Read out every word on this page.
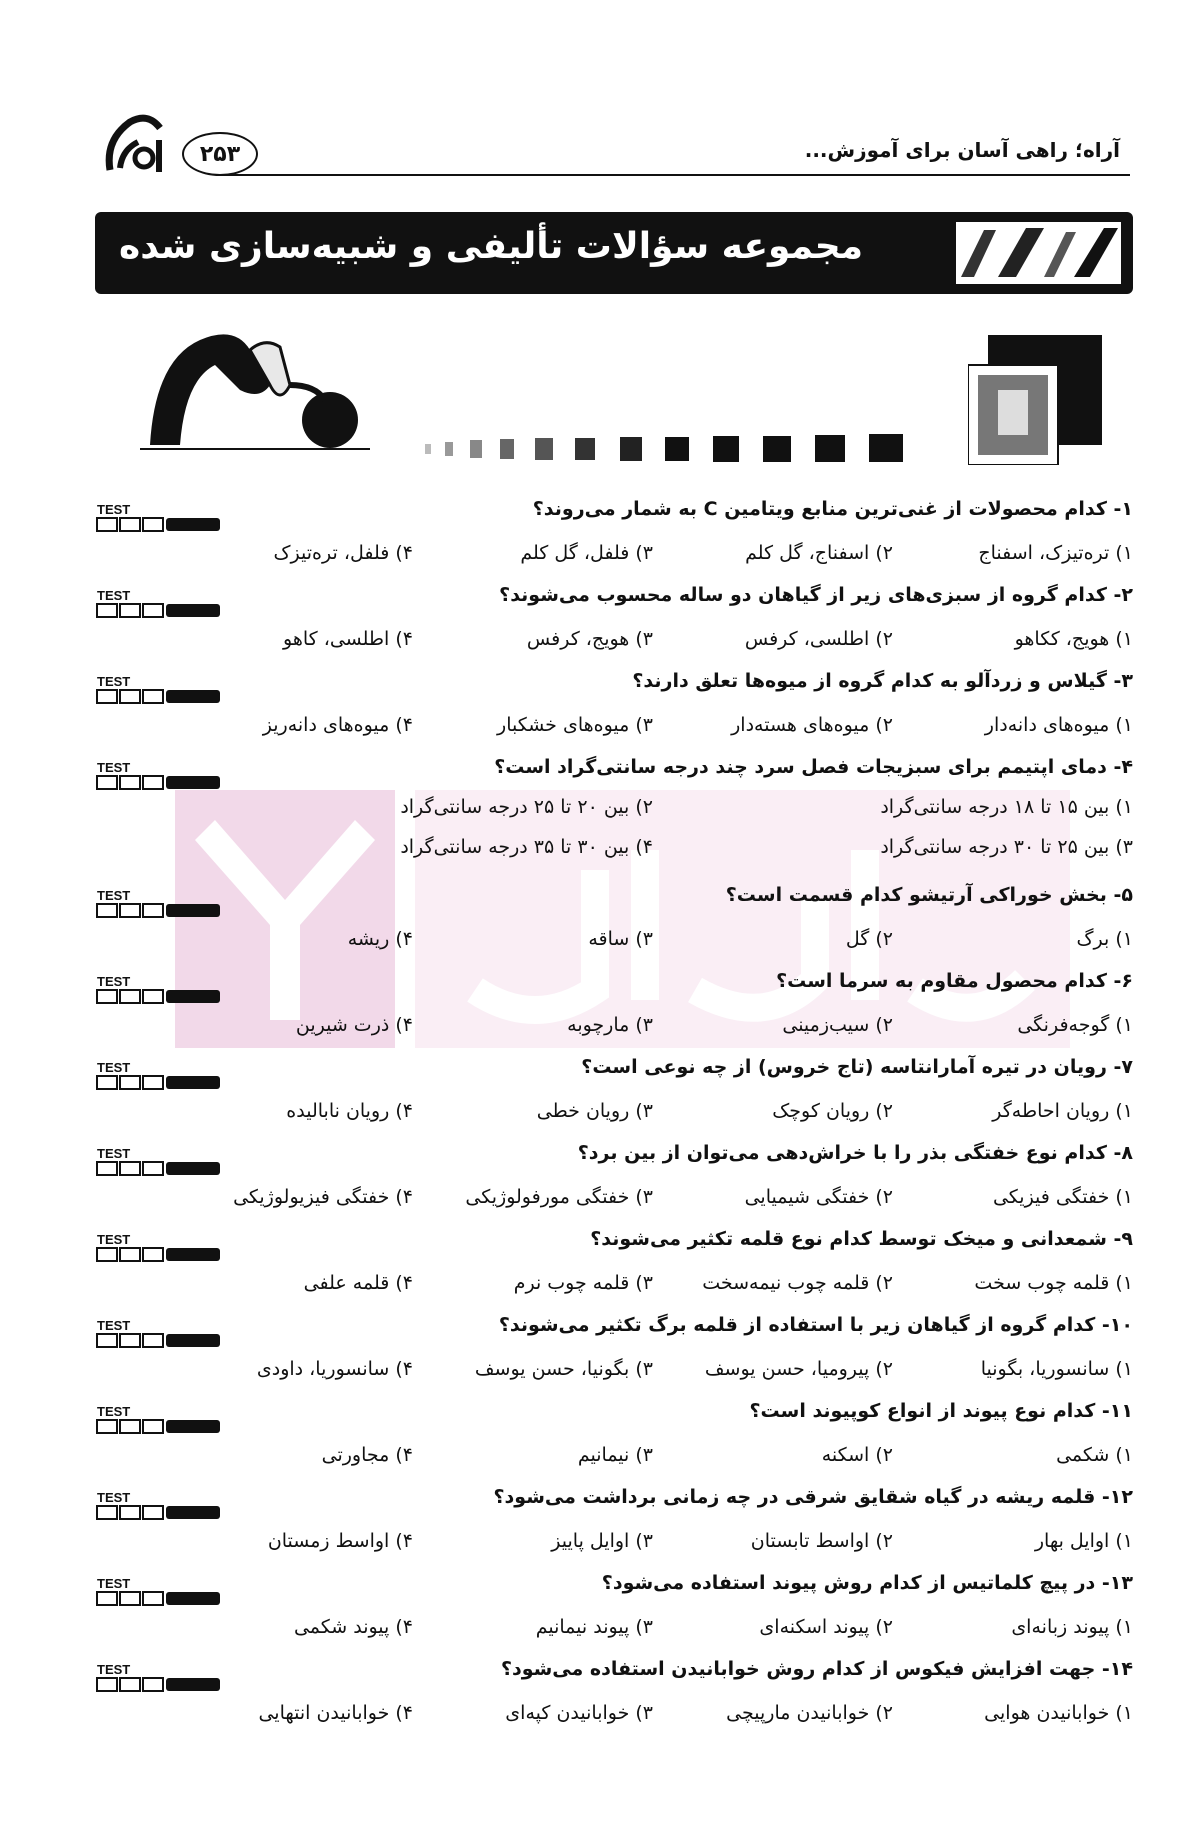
۲۵۳	آراه؛ راهی آسان برای آموزش...
مجموعه سؤالات تألیفی و شبیه‌سازی شده
TEST	۱- کدام محصولات از غنی‌ترین منابع ویتامین C به شمار می‌روند؟
۱) ترەتیزک، اسفناج
۲) اسفناج، گل کلم
۳) فلفل، گل کلم
۴) فلفل، ترەتیزک
TEST	۲- کدام گروه از سبزی‌های زیر از گیاهان دو ساله محسوب می‌شوند؟
۱) هویج، ککاهو
۲) اطلسی، کرفس
۳) هویج، کرفس
۴) اطلسی، کاهو
TEST	۳- گیلاس و زردآلو به کدام گروه از میوه‌ها تعلق دارند؟
۱) میوه‌های دانه‌دار
۲) میوه‌های هسته‌دار
۳) میوه‌های خشکبار
۴) میوه‌های دانه‌ریز
TEST	۴- دمای اپتیمم برای سبزیجات فصل سرد چند درجه سانتی‌گراد است؟
۱) بین ۱۵ تا ۱۸ درجه سانتی‌گراد
۲) بین ۲۰ تا ۲۵ درجه سانتی‌گراد
۳) بین ۲۵ تا ۳۰ درجه سانتی‌گراد
۴) بین ۳۰ تا ۳۵ درجه سانتی‌گراد
TEST	۵- بخش خوراکی آرتیشو کدام قسمت است؟
۱) برگ
۲) گل
۳) ساقه
۴) ریشه
TEST	۶- کدام محصول مقاوم به سرما است؟
۱) گوجه‌فرنگی
۲) سیب‌زمینی
۳) مارچوبه
۴) ذرت شیرین
TEST	۷- رویان در تیره آمارانتاسه (تاج خروس) از چه نوعی است؟
۱) رویان احاطه‌گر
۲) رویان کوچک
۳) رویان خطی
۴) رویان نابالیده
TEST	۸- کدام نوع خفتگی بذر را با خراش‌دهی می‌توان از بین برد؟
۱) خفتگی فیزیکی
۲) خفتگی شیمیایی
۳) خفتگی مورفولوژیکی
۴) خفتگی فیزیولوژیکی
TEST	۹- شمعدانی و میخک توسط کدام نوع قلمه تکثیر می‌شوند؟
۱) قلمه چوب سخت
۲) قلمه چوب نیمه‌سخت
۳) قلمه چوب نرم
۴) قلمه علفی
TEST	۱۰- کدام گروه از گیاهان زیر با استفاده از قلمه برگ تکثیر می‌شوند؟
۱) سانسوریا، بگونیا
۲) پیرومیا، حسن یوسف
۳) بگونیا، حسن یوسف
۴) سانسوریا، داودی
TEST	۱۱- کدام نوع پیوند از انواع کوپیوند است؟
۱) شکمی
۲) اسکنه
۳) نیمانیم
۴) مجاورتی
TEST	۱۲- قلمه ریشه در گیاه شقایق شرقی در چه زمانی برداشت می‌شود؟
۱) اوایل بهار
۲) اواسط تابستان
۳) اوایل پاییز
۴) اواسط زمستان
TEST	۱۳- در پیچ کلماتیس از کدام روش پیوند استفاده می‌شود؟
۱) پیوند زبانه‌ای
۲) پیوند اسکنه‌ای
۳) پیوند نیمانیم
۴) پیوند شکمی
TEST	۱۴- جهت افزایش فیکوس از کدام روش خوابانیدن استفاده می‌شود؟
۱) خوابانیدن هوایی
۲) خوابانیدن مارپیچی
۳) خوابانیدن کپه‌ای
۴) خوابانیدن انتهایی
